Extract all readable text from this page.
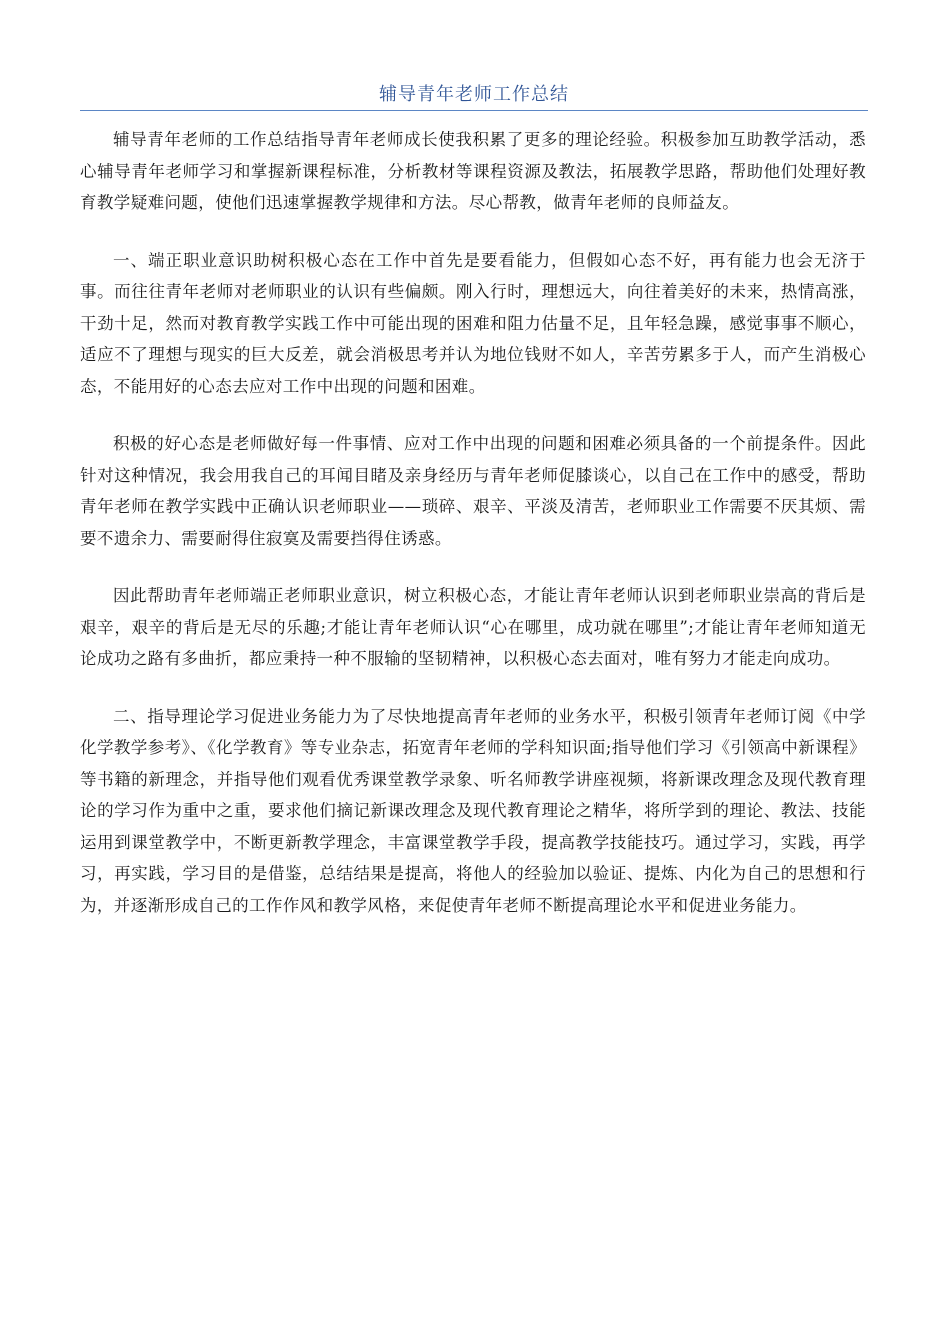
辅导青年老师工作总结

辅导青年老师的工作总结指导青年老师成长使我积累了更多的理论经验。积极参加互助教学活动，悉心辅导青年老师学习和掌握新课程标准，分析教材等课程资源及教法，拓展教学思路，帮助他们处理好教育教学疑难问题，使他们迅速掌握教学规律和方法。尽心帮教，做青年老师的良师益友。

一、端正职业意识助树积极心态在工作中首先是要看能力，但假如心态不好，再有能力也会无济于事。而往往青年老师对老师职业的认识有些偏颇。刚入行时，理想远大，向往着美好的未来，热情高涨，干劲十足，然而对教育教学实践工作中可能出现的困难和阻力估量不足，且年轻急躁，感觉事事不顺心，适应不了理想与现实的巨大反差，就会消极思考并认为地位钱财不如人，辛苦劳累多于人，而产生消极心态，不能用好的心态去应对工作中出现的问题和困难。

积极的好心态是老师做好每一件事情、应对工作中出现的问题和困难必须具备的一个前提条件。因此针对这种情况，我会用我自己的耳闻目睹及亲身经历与青年老师促膝谈心，以自己在工作中的感受，帮助青年老师在教学实践中正确认识老师职业——琐碎、艰辛、平淡及清苦，老师职业工作需要不厌其烦、需要不遗余力、需要耐得住寂寞及需要挡得住诱惑。

因此帮助青年老师端正老师职业意识，树立积极心态，才能让青年老师认识到老师职业崇高的背后是艰辛，艰辛的背后是无尽的乐趣;才能让青年老师认识“心在哪里，成功就在哪里”;才能让青年老师知道无论成功之路有多曲折，都应秉持一种不服输的坚韧精神，以积极心态去面对，唯有努力才能走向成功。

二、指导理论学习促进业务能力为了尽快地提高青年老师的业务水平，积极引领青年老师订阅《中学化学教学参考》、《化学教育》等专业杂志，拓宽青年老师的学科知识面;指导他们学习《引领高中新课程》等书籍的新理念，并指导他们观看优秀课堂教学录象、听名师教学讲座视频，将新课改理念及现代教育理论的学习作为重中之重，要求他们摘记新课改理念及现代教育理论之精华，将所学到的理论、教法、技能运用到课堂教学中，不断更新教学理念，丰富课堂教学手段，提高教学技能技巧。通过学习，实践，再学习，再实践，学习目的是借鉴，总结结果是提高，将他人的经验加以验证、提炼、内化为自己的思想和行为，并逐渐形成自己的工作作风和教学风格，来促使青年老师不断提高理论水平和促进业务能力。
